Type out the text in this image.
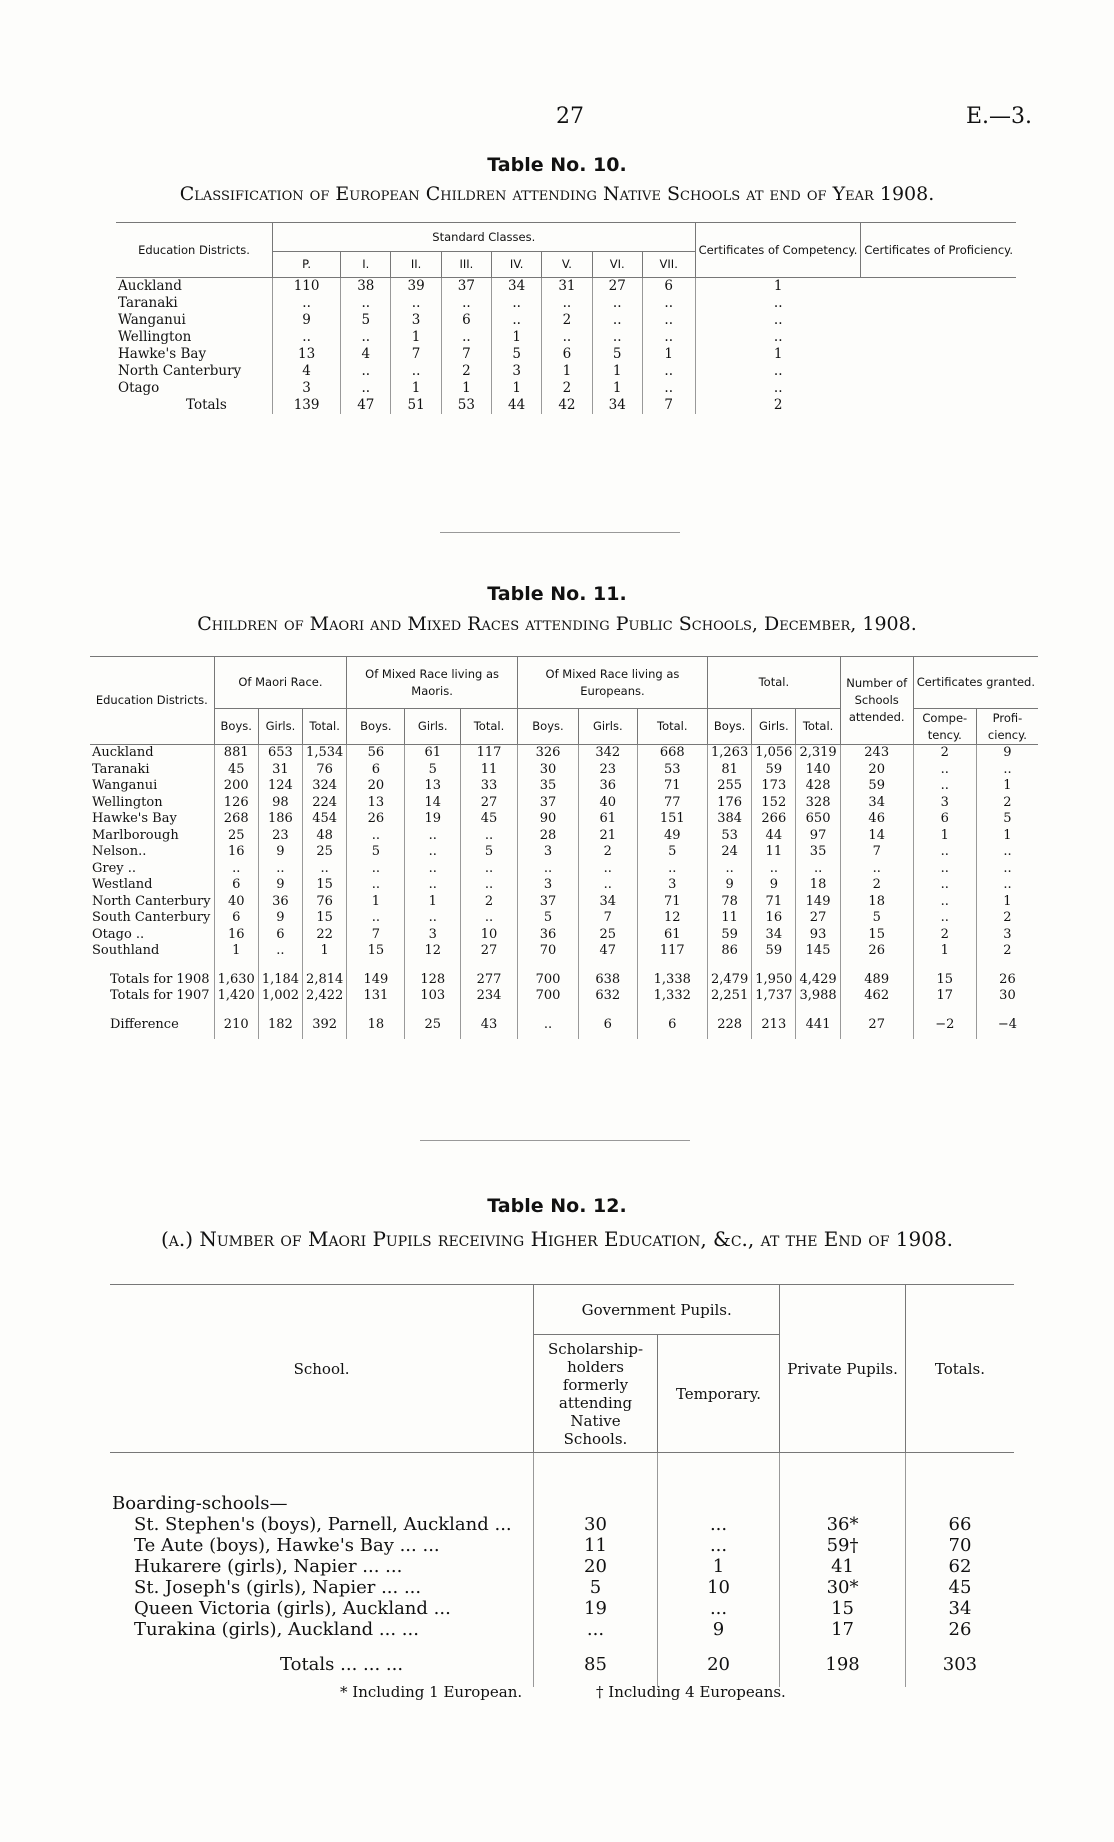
27	E.—3.
Table No. 10.
Classification of European Children attending Native Schools at end of Year 1908.
Education Districts.	Standard Classes.								Certificates of Competency.	Certificates of Proficiency.
	P.	I.	II.	III.	IV.	V.	VI.	VII.		
Auckland	110	38	39	37	34	31	27	6	1	
Taranaki	..	..	..	..	..	..	..	..	..	
Wanganui	9	5	3	6	..	2	..	..	..	
Wellington	..	..	1	..	1	..	..	..	..	
Hawke's Bay	13	4	7	7	5	6	5	1	1	
North Canterbury	4	..	..	2	3	1	1	..	..	
Otago	3	..	1	1	1	2	1	..	..	
Totals	139	47	51	53	44	42	34	7	2	
Table No. 11.
Children of Maori and Mixed Races attending Public Schools, December, 1908.
Education Districts.	Of Maori Race.			Of Mixed Race living as Maoris.			Of Mixed Race living as Europeans.			Total.			Number of Schools attended.	Certificates granted.	
	Boys.	Girls.	Total.	Boys.	Girls.	Total.	Boys.	Girls.	Total.	Boys.	Girls.	Total.		Compe-tency.	Profi-ciency.
Auckland	881	653	1,534	56	61	117	326	342	668	1,263	1,056	2,319	243	2	9
Taranaki	45	31	76	6	5	11	30	23	53	81	59	140	20	..	..
Wanganui	200	124	324	20	13	33	35	36	71	255	173	428	59	..	1
Wellington	126	98	224	13	14	27	37	40	77	176	152	328	34	3	2
Hawke's Bay	268	186	454	26	19	45	90	61	151	384	266	650	46	6	5
Marlborough	25	23	48	..	..	..	28	21	49	53	44	97	14	1	1
Nelson..	16	9	25	5	..	5	3	2	5	24	11	35	7	..	..
Grey ..	..	..	..	..	..	..	..	..	..	..	..	..	..	..	..
Westland	6	9	15	..	..	..	3	..	3	9	9	18	2	..	..
North Canterbury	40	36	76	1	1	2	37	34	71	78	71	149	18	..	1
South Canterbury	6	9	15	..	..	..	5	7	12	11	16	27	5	..	2
Otago ..	16	6	22	7	3	10	36	25	61	59	34	93	15	2	3
Southland	1	..	1	15	12	27	70	47	117	86	59	145	26	1	2
Totals for 1908	1,630	1,184	2,814	149	128	277	700	638	1,338	2,479	1,950	4,429	489	15	26
Totals for 1907	1,420	1,002	2,422	131	103	234	700	632	1,332	2,251	1,737	3,988	462	17	30
Difference	210	182	392	18	25	43	..	6	6	228	213	441	27	−2	−4
Table No. 12.
(a.) Number of Maori Pupils receiving Higher Education, &c., at the End of 1908.
School.	Government Pupils.		Private Pupils.	Totals.
	Scholarship-holders formerly attending Native Schools.	Temporary.		
Boarding-schools—				
St. Stephen's (boys), Parnell, Auckland ...	30	...	36*	66
Te Aute (boys), Hawke's Bay ... ...	11	...	59†	70
Hukarere (girls), Napier ... ...	20	1	41	62
St. Joseph's (girls), Napier ... ...	5	10	30*	45
Queen Victoria (girls), Auckland ...	19	...	15	34
Turakina (girls), Auckland ... ...	...	9	17	26
Totals ... ... ...	85	20	198	303
* Including 1 European.	† Including 4 Europeans.
